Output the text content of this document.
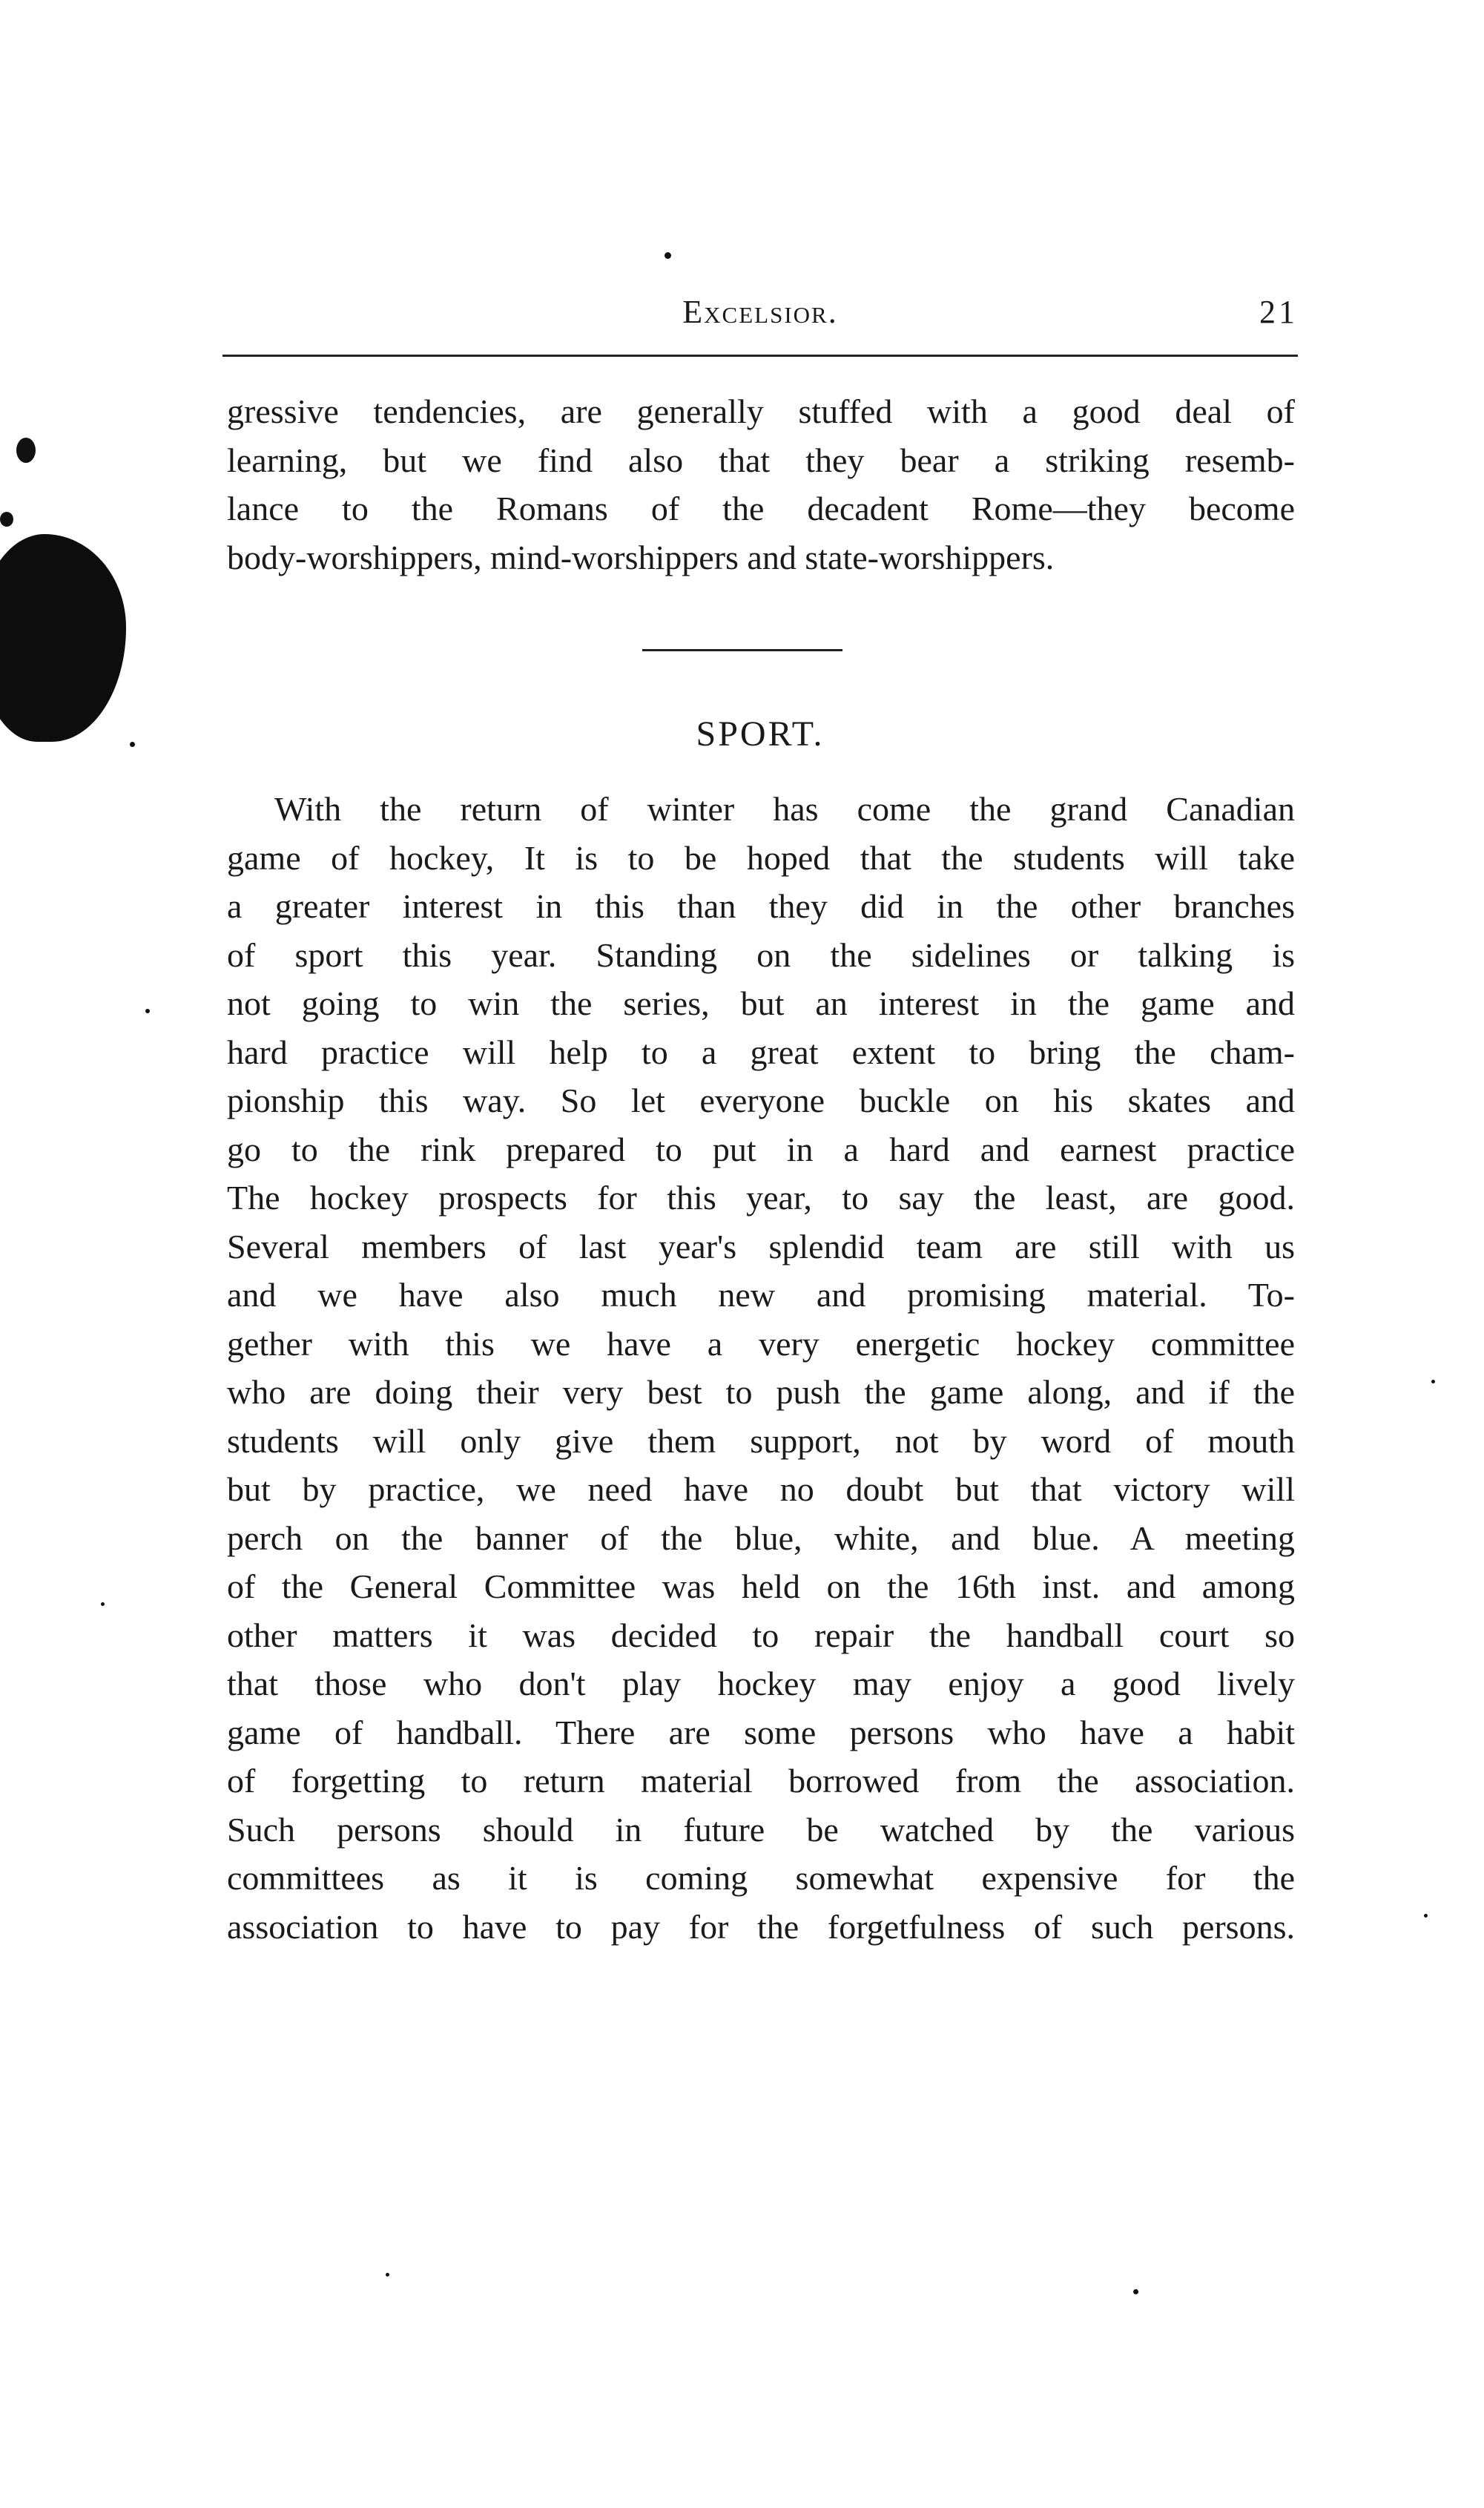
Excelsior.	21
gressive tendencies, are generally stuffed with a good deal of
learning, but we find also that they bear a striking resemb-
lance to the Romans of the decadent Rome—they become
body-worshippers, mind-worshippers and state-worshippers.
SPORT.
With the return of winter has come the grand Canadian
game of hockey, It is to be hoped that the students will take
a greater interest in this than they did in the other branches
of sport this year. Standing on the sidelines or talking is
not going to win the series, but an interest in the game and
hard practice will help to a great extent to bring the cham-
pionship this way. So let everyone buckle on his skates and
go to the rink prepared to put in a hard and earnest practice
The hockey prospects for this year, to say the least, are good.
Several members of last year's splendid team are still with us
and we have also much new and promising material. To-
gether with this we have a very energetic hockey committee
who are doing their very best to push the game along, and if the
students will only give them support, not by word of mouth
but by practice, we need have no doubt but that victory will
perch on the banner of the blue, white, and blue. A meeting
of the General Committee was held on the 16th inst. and among
other matters it was decided to repair the handball court so
that those who don't play hockey may enjoy a good lively
game of handball. There are some persons who have a habit
of forgetting to return material borrowed from the association.
Such persons should in future be watched by the various
committees as it is coming somewhat expensive for the
association to have to pay for the forgetfulness of such persons.
